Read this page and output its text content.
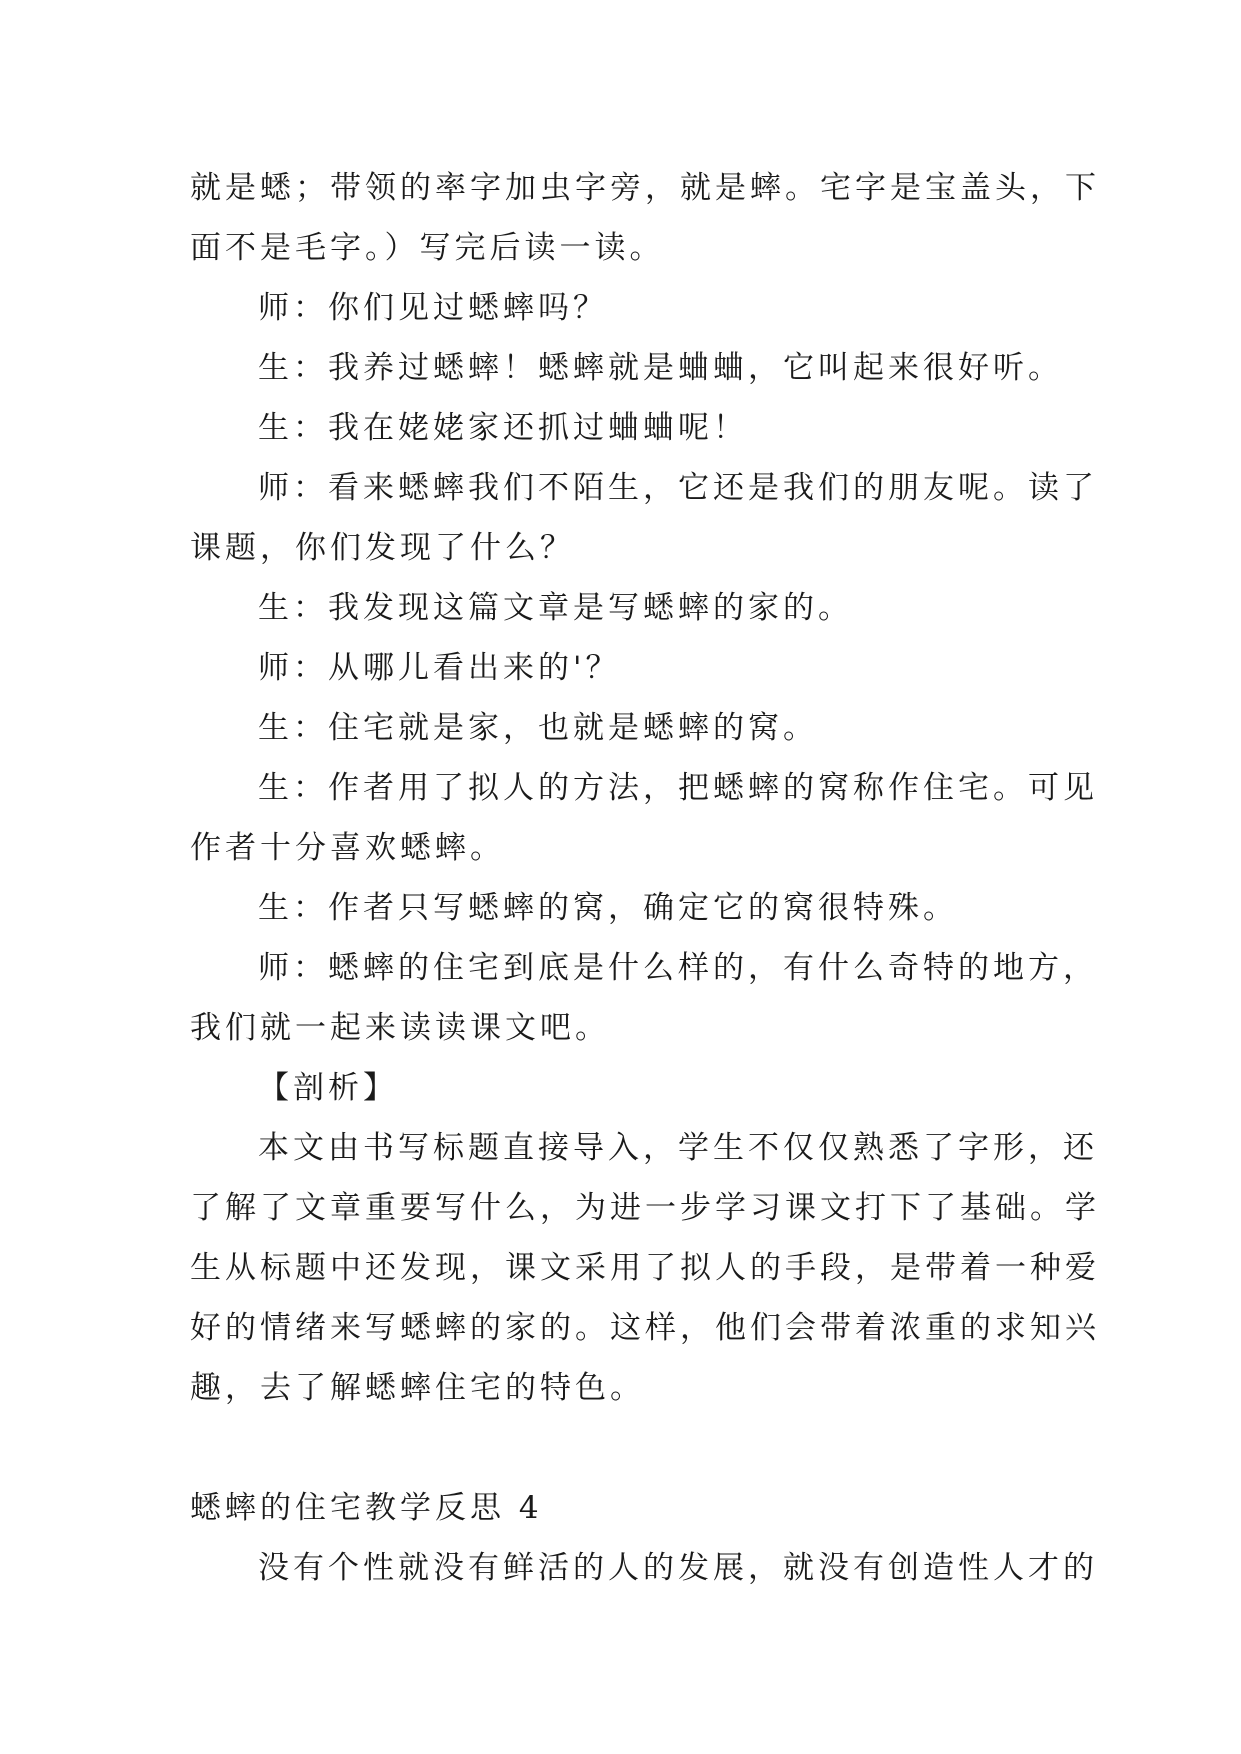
就是蟋；带领的率字加虫字旁，就是蟀。宅字是宝盖头，下

面不是毛字。）写完后读一读。

师：你们见过蟋蟀吗？

生：我养过蟋蟀！蟋蟀就是蛐蛐，它叫起来很好听。

生：我在姥姥家还抓过蛐蛐呢！

师：看来蟋蟀我们不陌生，它还是我们的朋友呢。读了

课题，你们发现了什么？

生：我发现这篇文章是写蟋蟀的家的。

师：从哪儿看出来的'？

生：住宅就是家，也就是蟋蟀的窝。

生：作者用了拟人的方法，把蟋蟀的窝称作住宅。可见

作者十分喜欢蟋蟀。

生：作者只写蟋蟀的窝，确定它的窝很特殊。

师：蟋蟀的住宅到底是什么样的，有什么奇特的地方，

我们就一起来读读课文吧。

【剖析】

本文由书写标题直接导入，学生不仅仅熟悉了字形，还

了解了文章重要写什么，为进一步学习课文打下了基础。学

生从标题中还发现，课文采用了拟人的手段，是带着一种爱

好的情绪来写蟋蟀的家的。这样，他们会带着浓重的求知兴

趣，去了解蟋蟀住宅的特色。

蟋蟀的住宅教学反思 4

没有个性就没有鲜活的人的发展，就没有创造性人才的
